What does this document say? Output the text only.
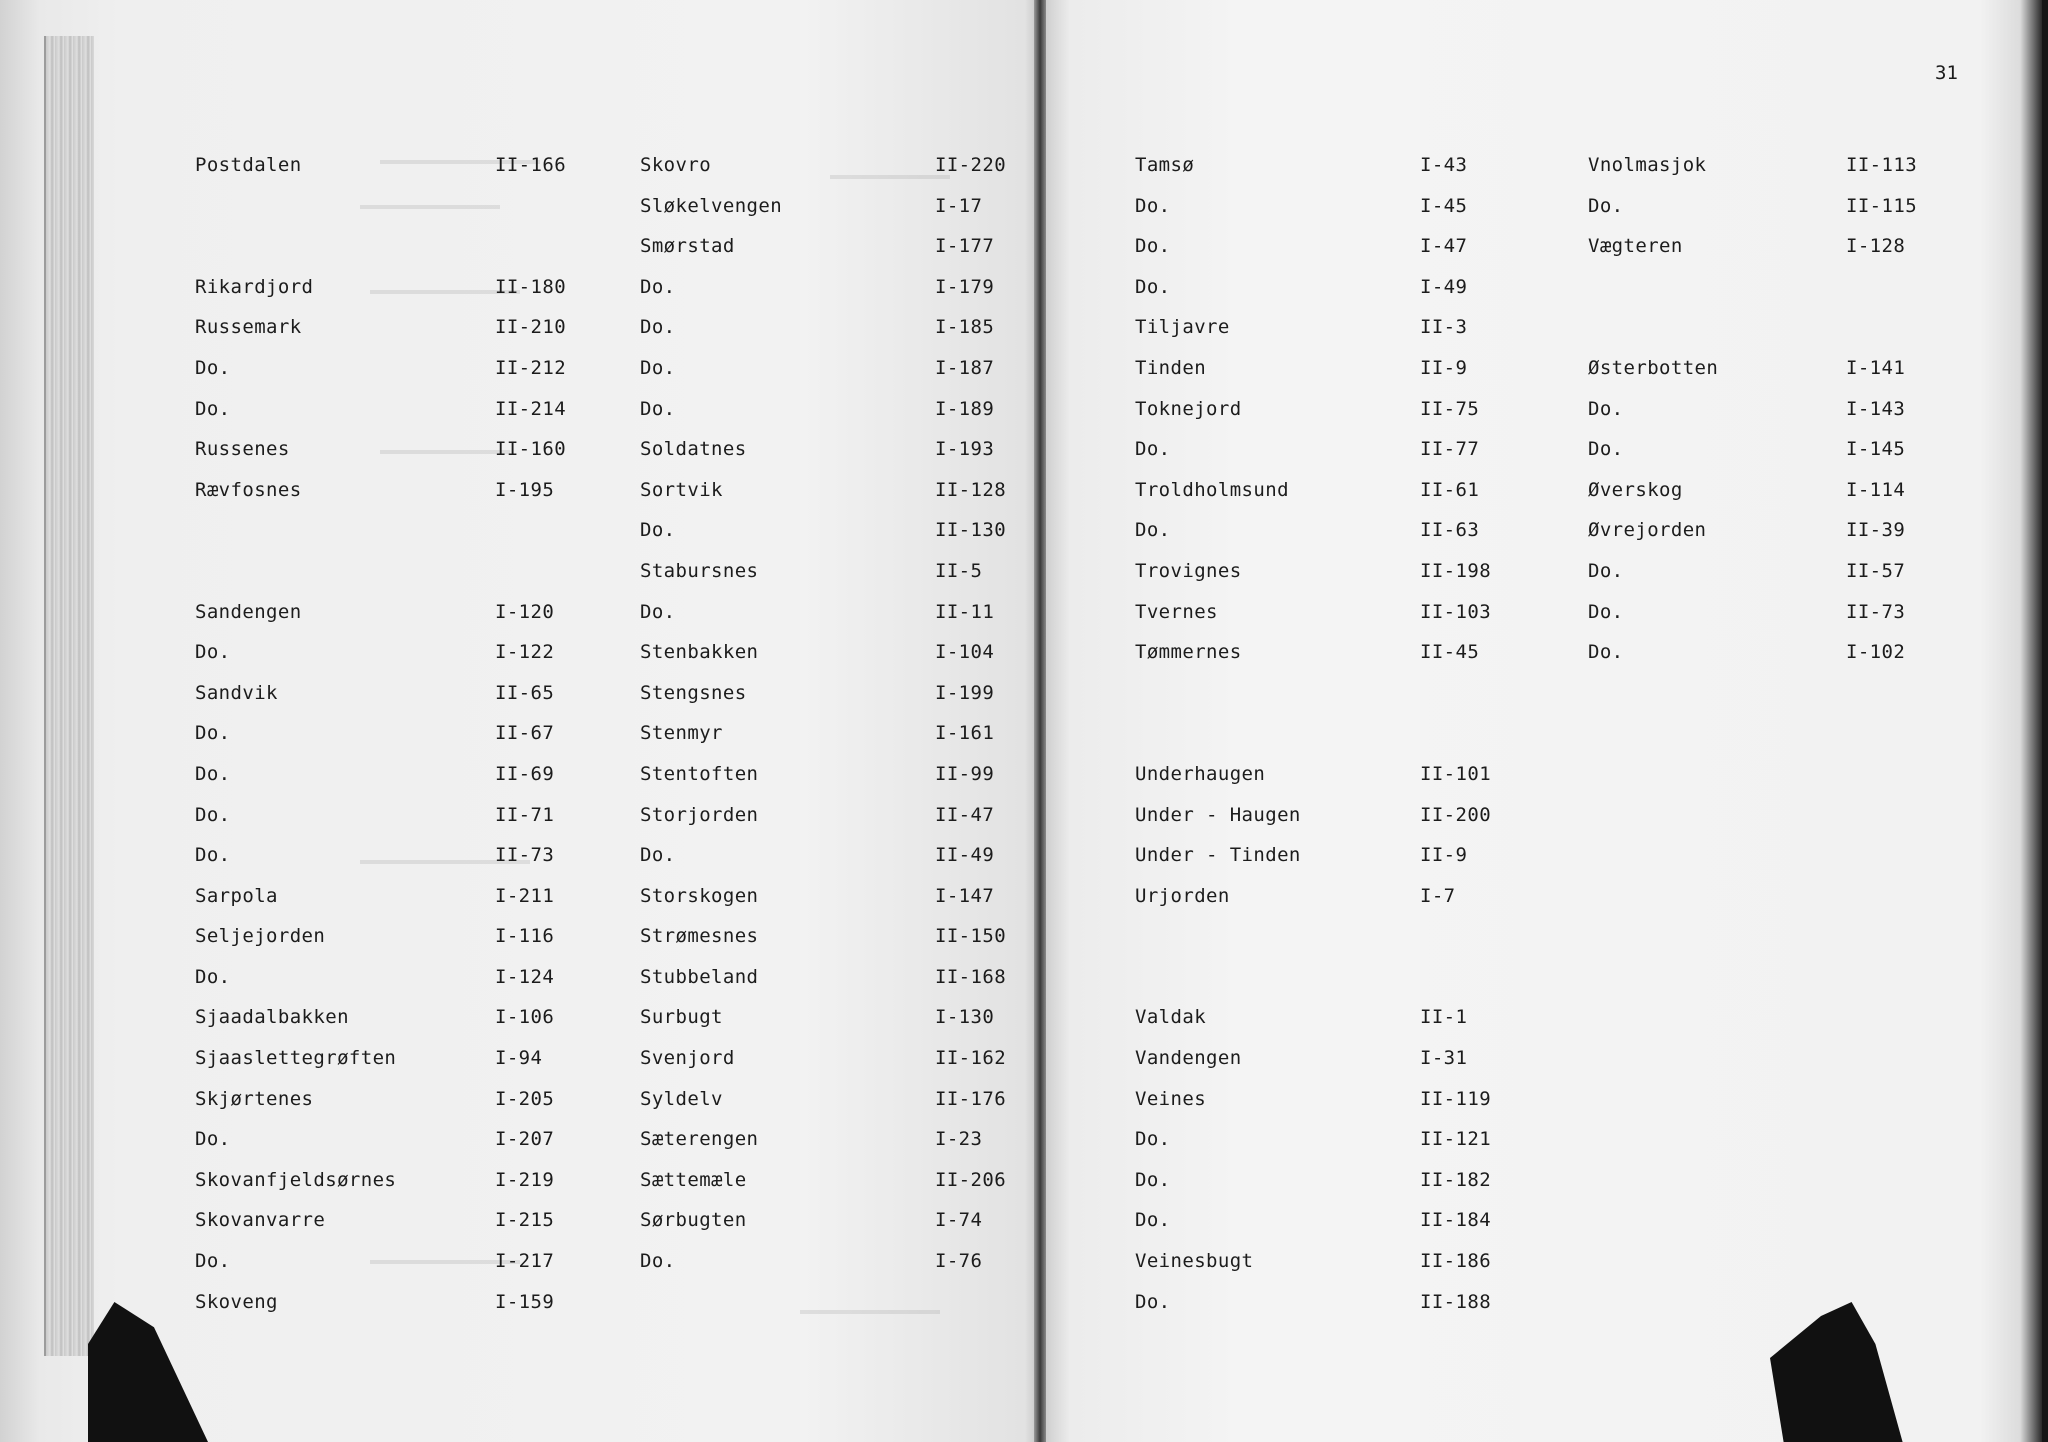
31
Postdalen	II-166
Rikardjord	II-180
Russemark	II-210
Do.	II-212
Do.	II-214
Russenes	II-160
Rævfosnes	I-195
Sandengen	I-120
Do.	I-122
Sandvik	II-65
Do.	II-67
Do.	II-69
Do.	II-71
Do.	II-73
Sarpola	I-211
Seljejorden	I-116
Do.	I-124
Sjaadalbakken	I-106
Sjaaslettegrøften	I-94
Skjørtenes	I-205
Do.	I-207
Skovanfjeldsørnes	I-219
Skovanvarre	I-215
Do.	I-217
Skoveng	I-159
Skovro	II-220
Sløkelvengen	I-17
Smørstad	I-177
Do.	I-179
Do.	I-185
Do.	I-187
Do.	I-189
Soldatnes	I-193
Sortvik	II-128
Do.	II-130
Stabursnes	II-5
Do.	II-11
Stenbakken	I-104
Stengsnes	I-199
Stenmyr	I-161
Stentoften	II-99
Storjorden	II-47
Do.	II-49
Storskogen	I-147
Strømesnes	II-150
Stubbeland	II-168
Surbugt	I-130
Svenjord	II-162
Syldelv	II-176
Sæterengen	I-23
Sættemæle	II-206
Sørbugten	I-74
Do.	I-76
Tamsø	I-43
Do.	I-45
Do.	I-47
Do.	I-49
Tiljavre	II-3
Tinden	II-9
Toknejord	II-75
Do.	II-77
Troldholmsund	II-61
Do.	II-63
Trovignes	II-198
Tvernes	II-103
Tømmernes	II-45
Underhaugen	II-101
Under - Haugen	II-200
Under - Tinden	II-9
Urjorden	I-7
Valdak	II-1
Vandengen	I-31
Veines	II-119
Do.	II-121
Do.	II-182
Do.	II-184
Veinesbugt	II-186
Do.	II-188
Vnolmasjok	II-113
Do.	II-115
Vægteren	I-128
Østerbotten	I-141
Do.	I-143
Do.	I-145
Øverskog	I-114
Øvrejorden	II-39
Do.	II-57
Do.	II-73
Do.	I-102
